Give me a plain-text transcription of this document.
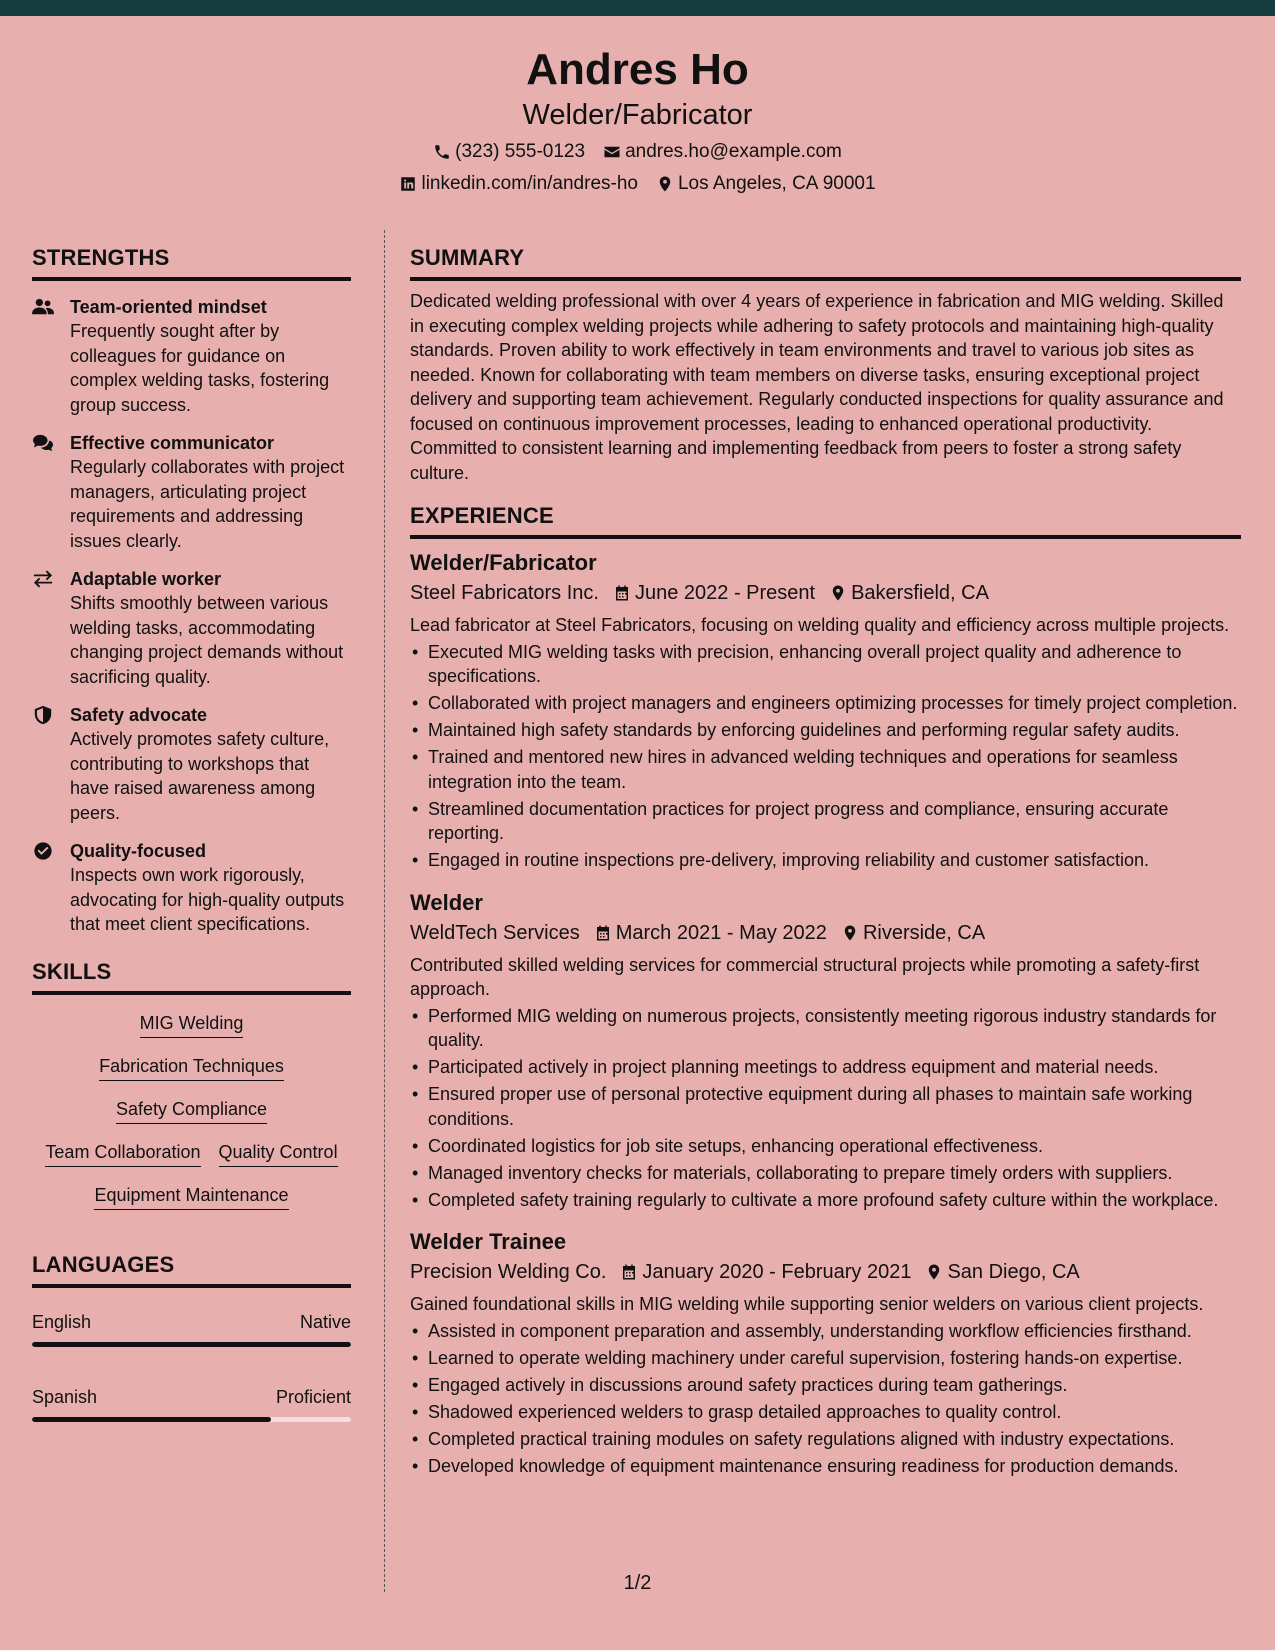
Andres Ho
Welder/Fabricator
(323) 555-0123 andres.ho@example.com
linkedin.com/in/andres-ho Los Angeles, CA 90001
STRENGTHS
Team-oriented mindset
Frequently sought after by colleagues for guidance on complex welding tasks, fostering group success.
Effective communicator
Regularly collaborates with project managers, articulating project requirements and addressing issues clearly.
Adaptable worker
Shifts smoothly between various welding tasks, accommodating changing project demands without sacrificing quality.
Safety advocate
Actively promotes safety culture, contributing to workshops that have raised awareness among peers.
Quality-focused
Inspects own work rigorously, advocating for high-quality outputs that meet client specifications.
SKILLS
MIG Welding
Fabrication Techniques
Safety Compliance
Team Collaboration Quality Control
Equipment Maintenance
LANGUAGES
English	Native
Spanish	Proficient
SUMMARY
Dedicated welding professional with over 4 years of experience in fabrication and MIG welding. Skilled in executing complex welding projects while adhering to safety protocols and maintaining high-quality standards. Proven ability to work effectively in team environments and travel to various job sites as needed. Known for collaborating with team members on diverse tasks, ensuring exceptional project delivery and supporting team achievement. Regularly conducted inspections for quality assurance and focused on continuous improvement processes, leading to enhanced operational productivity. Committed to consistent learning and implementing feedback from peers to foster a strong safety culture.
EXPERIENCE
Welder/Fabricator
Steel Fabricators Inc. June 2022 - Present Bakersfield, CA
Lead fabricator at Steel Fabricators, focusing on welding quality and efficiency across multiple projects.
• Executed MIG welding tasks with precision, enhancing overall project quality and adherence to specifications.
• Collaborated with project managers and engineers optimizing processes for timely project completion.
• Maintained high safety standards by enforcing guidelines and performing regular safety audits.
• Trained and mentored new hires in advanced welding techniques and operations for seamless integration into the team.
• Streamlined documentation practices for project progress and compliance, ensuring accurate reporting.
• Engaged in routine inspections pre-delivery, improving reliability and customer satisfaction.
Welder
WeldTech Services March 2021 - May 2022 Riverside, CA
Contributed skilled welding services for commercial structural projects while promoting a safety-first approach.
• Performed MIG welding on numerous projects, consistently meeting rigorous industry standards for quality.
• Participated actively in project planning meetings to address equipment and material needs.
• Ensured proper use of personal protective equipment during all phases to maintain safe working conditions.
• Coordinated logistics for job site setups, enhancing operational effectiveness.
• Managed inventory checks for materials, collaborating to prepare timely orders with suppliers.
• Completed safety training regularly to cultivate a more profound safety culture within the workplace.
Welder Trainee
Precision Welding Co. January 2020 - February 2021 San Diego, CA
Gained foundational skills in MIG welding while supporting senior welders on various client projects.
• Assisted in component preparation and assembly, understanding workflow efficiencies firsthand.
• Learned to operate welding machinery under careful supervision, fostering hands-on expertise.
• Engaged actively in discussions around safety practices during team gatherings.
• Shadowed experienced welders to grasp detailed approaches to quality control.
• Completed practical training modules on safety regulations aligned with industry expectations.
• Developed knowledge of equipment maintenance ensuring readiness for production demands.
1/2
